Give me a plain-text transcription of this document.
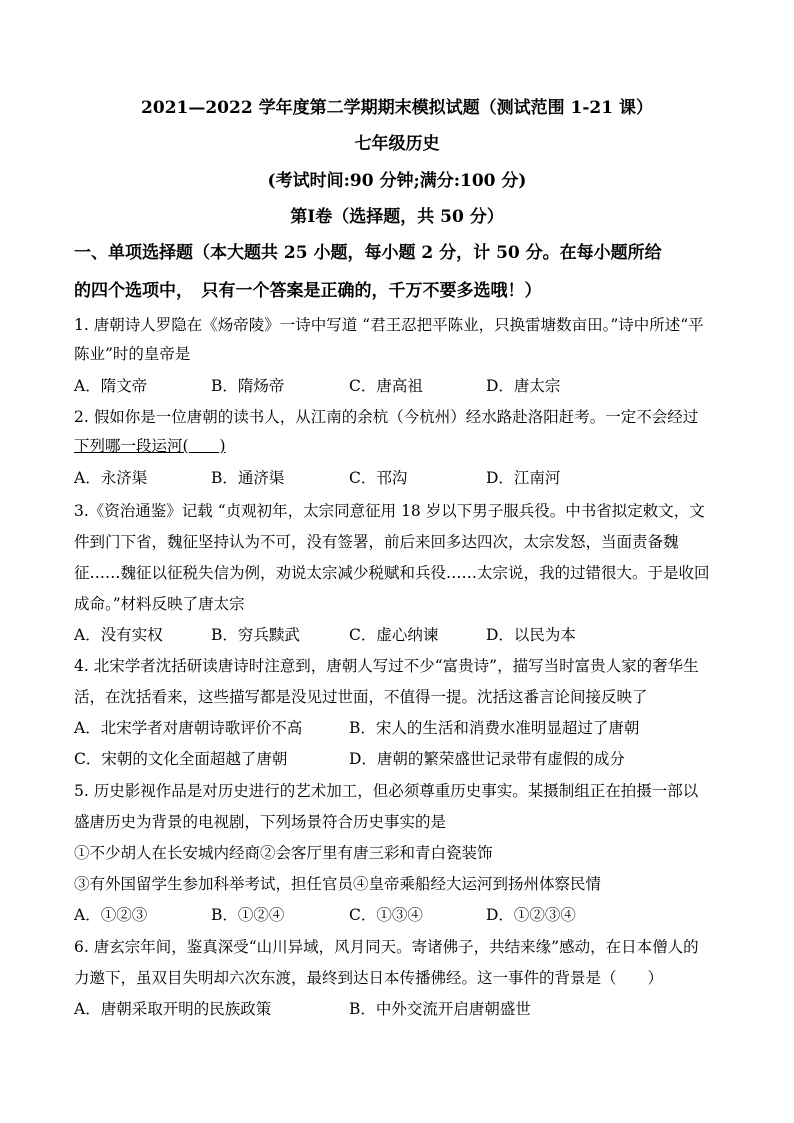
2021—2022 学年度第二学期期末模拟试题（测试范围 1-21 课）
七年级历史
(考试时间:90 分钟;满分:100 分)
第Ⅰ卷（选择题，共 50 分）
一、单项选择题（本大题共 25 小题，每小题 2 分，计 50 分。在每小题所给
的四个选项中，　只有一个答案是正确的，千万不要多选哦！）
1. 唐朝诗人罗隐在《炀帝陵》一诗中写道 “君王忍把平陈业，只换雷塘数亩田。”诗中所述“平
陈业”时的皇帝是
A．隋文帝	B．隋炀帝	C．唐高祖	D．唐太宗
2. 假如你是一位唐朝的读书人，从江南的余杭（今杭州）经水路赴洛阳赶考。一定不会经过
下列哪一段运河(　　)
A．永济渠	B．通济渠	C．邗沟	D．江南河
3.《资治通鉴》记载 “贞观初年，太宗同意征用 18 岁以下男子服兵役。中书省拟定敕文，文
件到门下省，魏征坚持认为不可，没有签署，前后来回多达四次，太宗发怒，当面责备魏
征……魏征以征税失信为例，劝说太宗减少税赋和兵役……太宗说，我的过错很大。于是收回
成命。”材料反映了唐太宗
A．没有实权	B．穷兵黩武	C．虚心纳谏	D．以民为本
4. 北宋学者沈括研读唐诗时注意到，唐朝人写过不少“富贵诗”，描写当时富贵人家的奢华生
活，在沈括看来，这些描写都是没见过世面，不值得一提。沈括这番言论间接反映了
A．北宋学者对唐朝诗歌评价不高	B．宋人的生活和消费水准明显超过了唐朝
C．宋朝的文化全面超越了唐朝	D．唐朝的繁荣盛世记录带有虚假的成分
5. 历史影视作品是对历史进行的艺术加工，但必须尊重历史事实。某摄制组正在拍摄一部以
盛唐历史为背景的电视剧，下列场景符合历史事实的是
①不少胡人在长安城内经商②会客厅里有唐三彩和青白瓷装饰
③有外国留学生参加科举考试，担任官员④皇帝乘船经大运河到扬州体察民情
A．①②③	B．①②④	C．①③④	D．①②③④
6. 唐玄宗年间，鉴真深受“山川异域，风月同天。寄诸佛子，共结来缘”感动，在日本僧人的
力邀下，虽双目失明却六次东渡，最终到达日本传播佛经。这一事件的背景是（　　）
A．唐朝采取开明的民族政策	B．中外交流开启唐朝盛世
